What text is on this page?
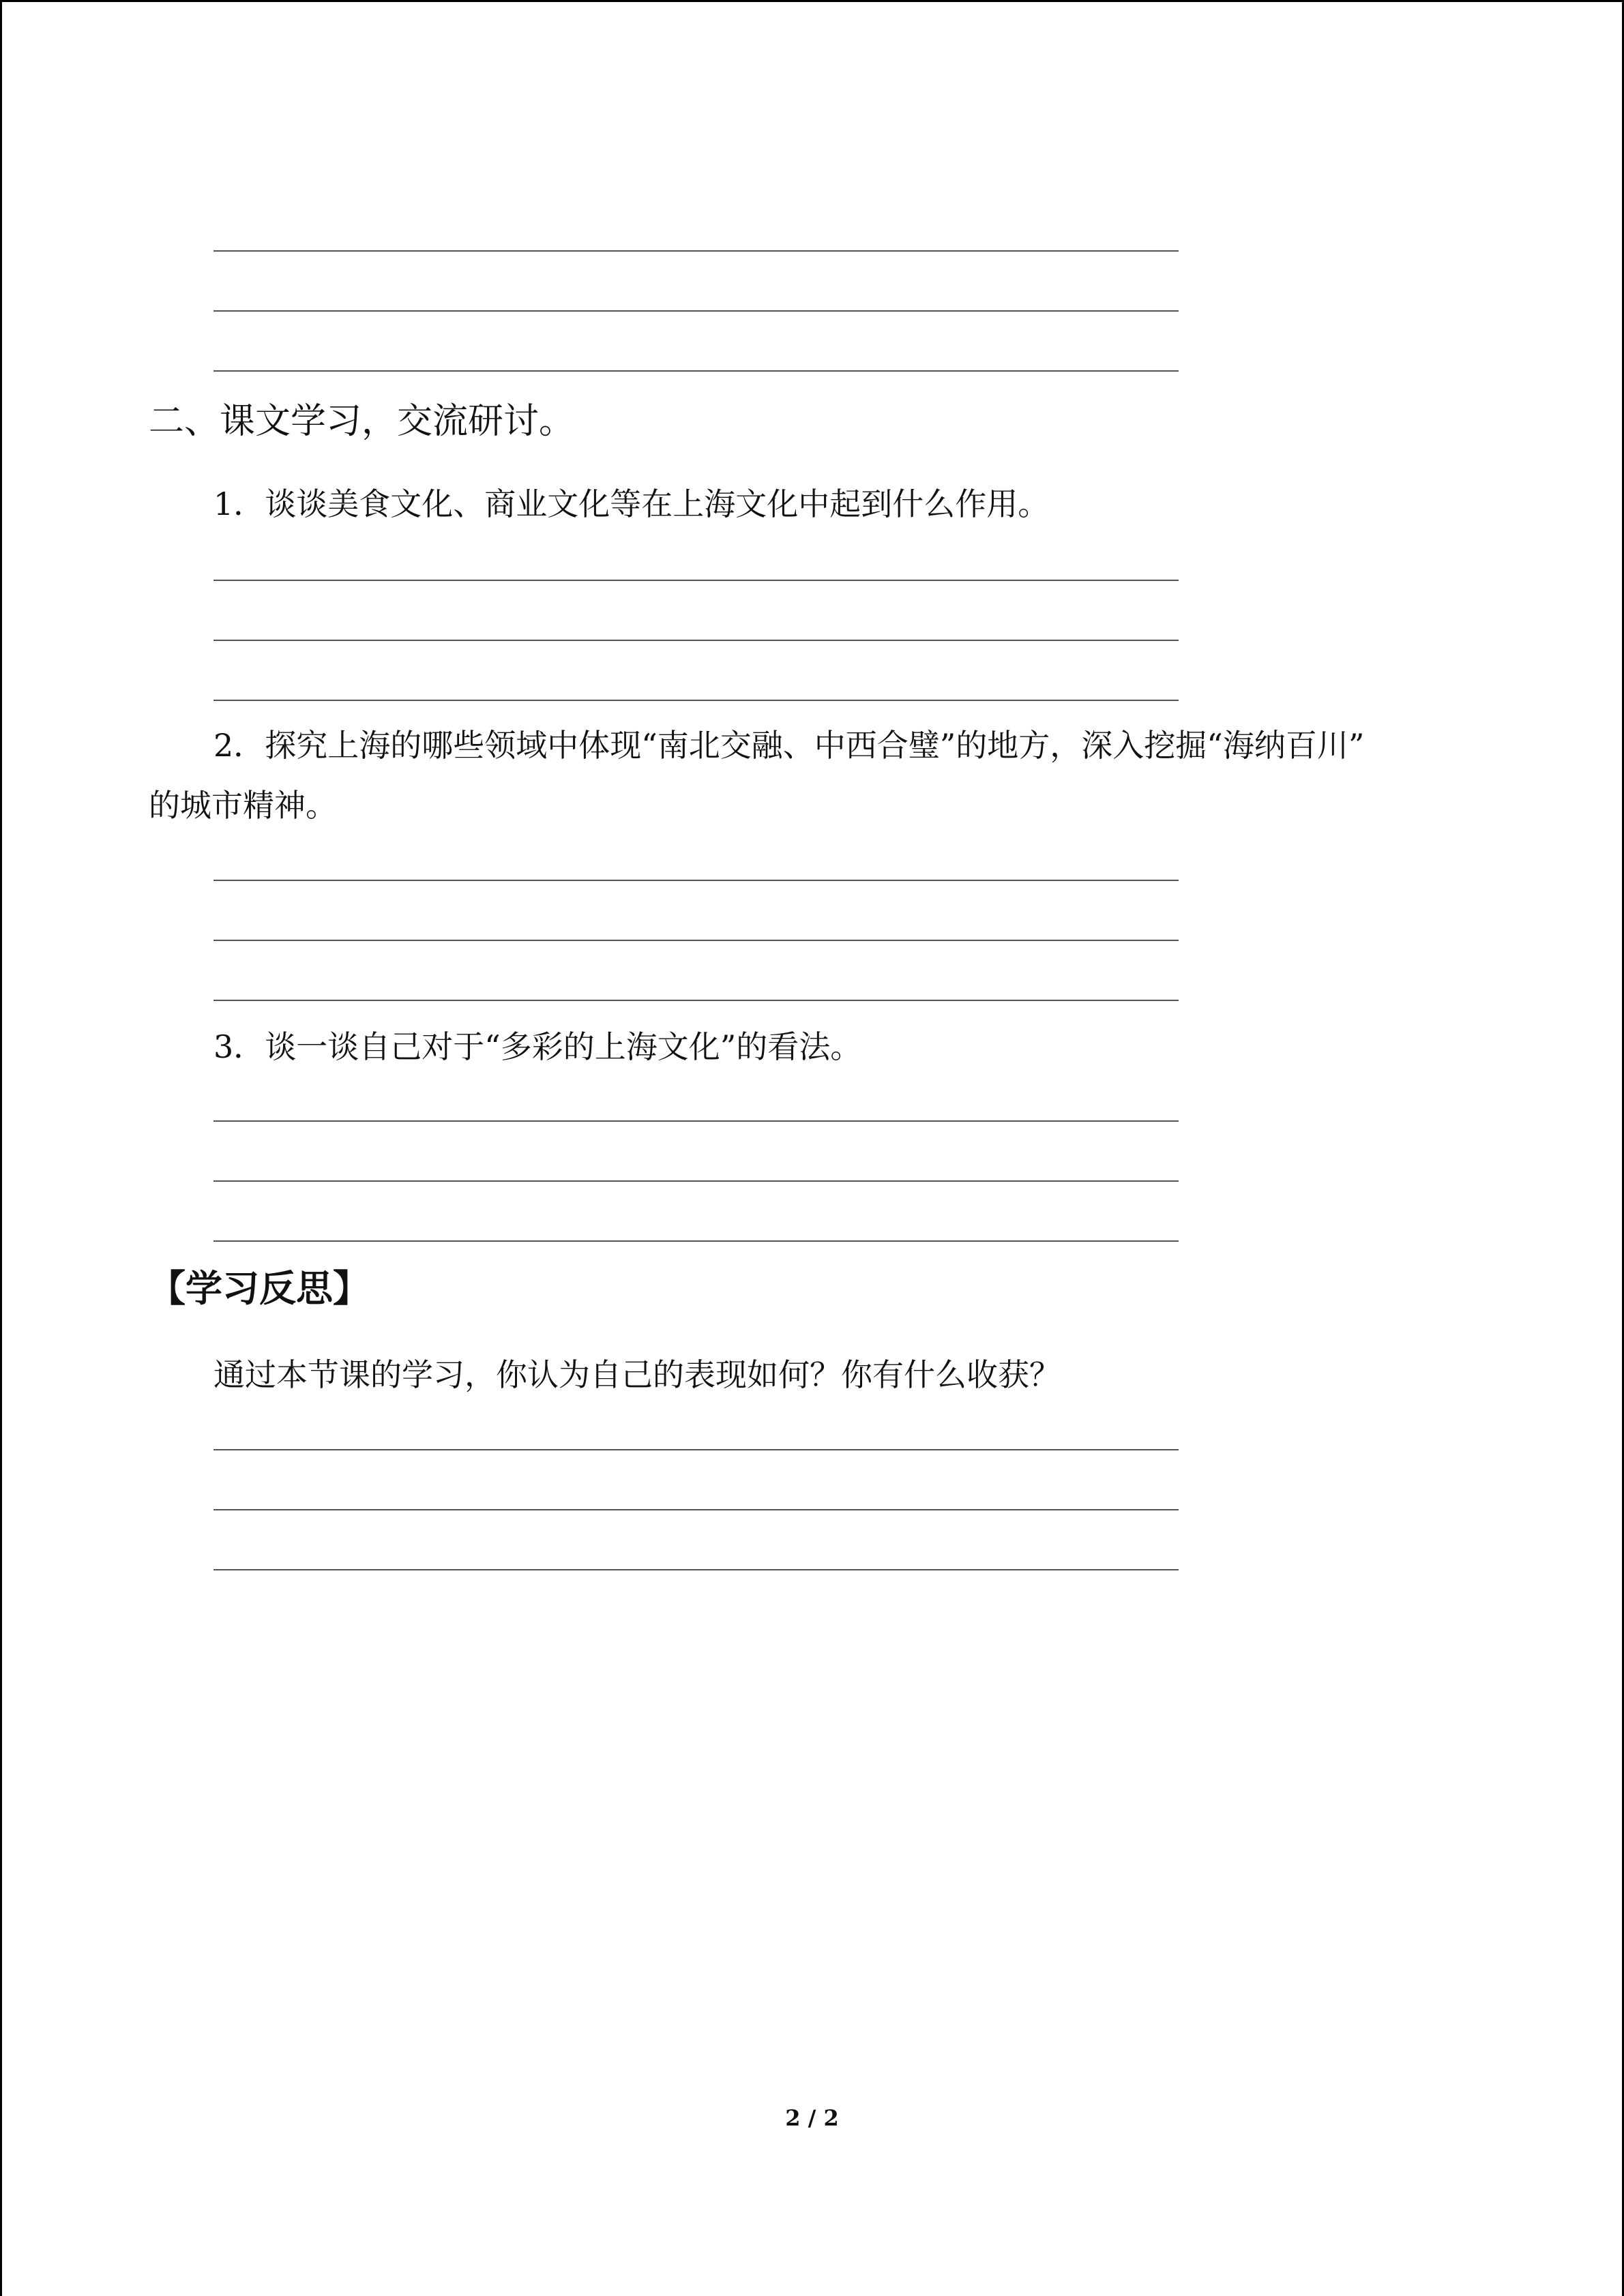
二、课文学习，交流研讨。
1．谈谈美食文化、商业文化等在上海文化中起到什么作用。
2．探究上海的哪些领域中体现“南北交融、中西合璧”的地方，深入挖掘“海纳百川”
的城市精神。
3．谈一谈自己对于“多彩的上海文化”的看法。
【学习反思】
通过本节课的学习，你认为自己的表现如何？你有什么收获？
2 / 2
